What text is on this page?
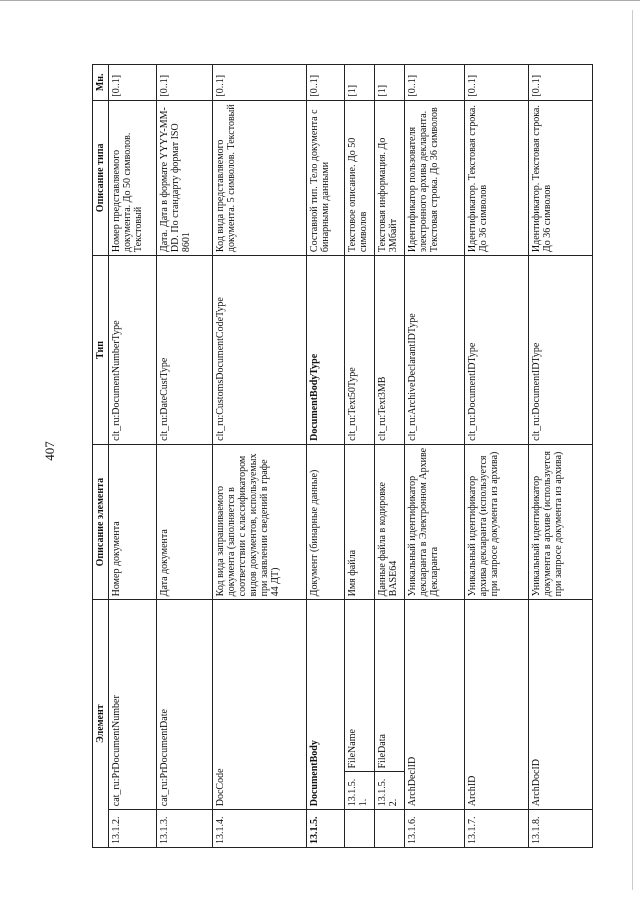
407
Элемент			Описание элемента	Тип	Описание типа	Мн.
13.1.2.	cat_ru:PrDocumentNumber		Номер документа	clt_ru:DocumentNumberType	Номер представляемого документа. До 50 символов. Текстовый	[0..1]
13.1.3.	cat_ru:PrDocumentDate		Дата документа	clt_ru:DateCustType	Дата. Дата в формате YYYY-MM-DD. По стандарту формат ISO 8601	[0..1]
13.1.4.	DocCode		Код вида запрашиваемого документа (заполняется в соответствии с классификатором видов документов, используемых при заявлении сведений в графе 44 ДТ)	clt_ru:CustomsDocumentCodeType	Код вида представляемого документа. 5 символов. Текстовый	[0..1]
13.1.5.	DocumentBody		Документ (бинарные данные)	DocumentBodyType	Составной тип. Тело документа с бинарными данными	[0..1]
	13.1.5.1.	FileName	Имя файла	clt_ru:Text50Type	Текстовое описание. До 50 символов	[1]
	13.1.5.2.	FileData	Данные файла в кодировке BASE64	clt_ru:Text3MB	Текстовая информация. До 3Мбайт	[1]
13.1.6.	ArchDeclID		Уникальный идентификатор декларанта в Электронном Архиве Декларанта	clt_ru:ArchiveDeclarantIDType	Идентификатор пользователя электронного архива декларанта. Текстовая строка. До 36 символов	[0..1]
13.1.7.	ArchID		Уникальный идентификатор архива декларанта (используется при запросе документа из архива)	clt_ru:DocumentIDType	Идентификатор. Текстовая строка. До 36 символов	[0..1]
13.1.8.	ArchDocID		Уникальный идентификатор документа в архиве (используется при запросе документа из архива)	clt_ru:DocumentIDType	Идентификатор. Текстовая строка. До 36 символов	[0..1]
